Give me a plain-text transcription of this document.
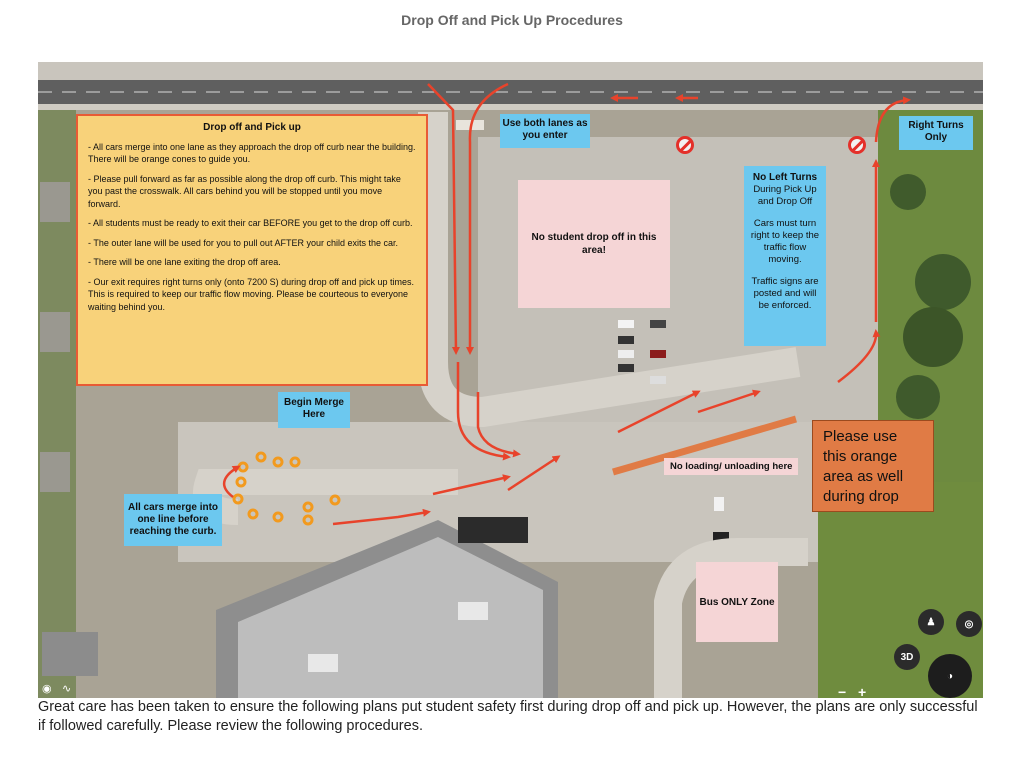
Drop Off and Pick Up Procedures
Drop off and Pick up

- All cars merge into one lane as they approach the drop off curb near the building. There will be orange cones to guide you.

- Please pull forward as far as possible along the drop off curb. This might take you past the crosswalk. All cars behind you will be stopped until you move forward.

- All students must be ready to exit their car BEFORE you get to the drop off curb.

- The outer lane will be used for you to pull out AFTER your child exits the car.

- There will be one lane exiting the drop off area.

- Our exit requires right turns only (onto 7200 S) during drop off and pick up times. This is required to keep our traffic flow moving. Please be courteous to everyone waiting behind you.

Use both lanes as you enter
Right Turns Only
No student drop off in this area!
No Left Turns
During Pick Up and Drop Off
Cars must turn right to keep the traffic flow moving.
Traffic signs are posted and will be enforced.
Begin Merge Here
All cars merge into one line before reaching the curb.
No loading/ unloading here
Please use this orange area as well during drop
Bus ONLY Zone
♟	◎
3D
◑
− +
◉ ∿
Great care has been taken to ensure the following plans put student safety first during drop off and pick up. However, the plans are only successful if followed carefully. Please review the following procedures.
